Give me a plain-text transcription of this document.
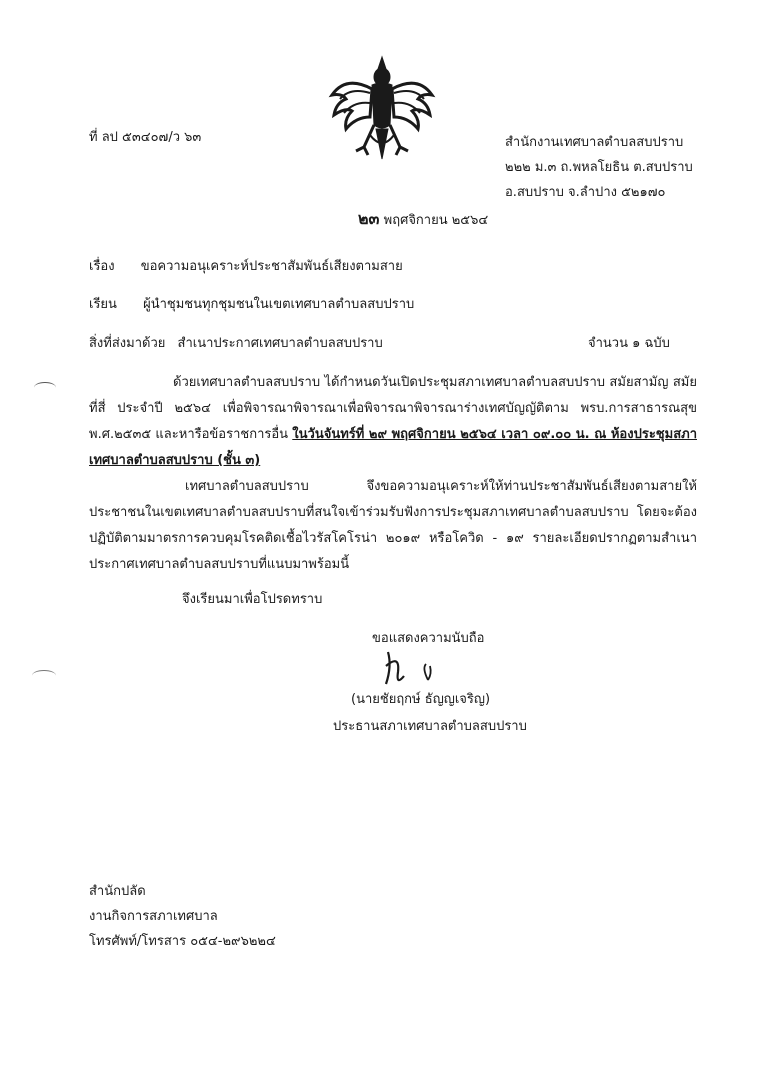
ที่ ลป ๕๓๔๐๗/ว ๖๓	สำนักงานเทศบาลตำบลสบปราบ
๒๒๒ ม.๓ ถ.พหลโยธิน ต.สบปราบ
อ.สบปราบ จ.ลำปาง ๕๒๑๗๐
๒๓ พฤศจิกายน ๒๕๖๔
เรื่อง ขอความอนุเคราะห์ประชาสัมพันธ์เสียงตามสาย
เรียน ผู้นำชุมชนทุกชุมชนในเขตเทศบาลตำบลสบปราบ
สิ่งที่ส่งมาด้วย สำเนาประกาศเทศบาลตำบลสบปราบ	จำนวน ๑ ฉบับ
ด้วยเทศบาลตำบลสบปราบ ได้กำหนดวันเปิดประชุมสภาเทศบาลตำบลสบปราบ สมัยสามัญ สมัยที่สี่ ประจำปี ๒๕๖๔ เพื่อพิจารณาพิจารณาเพื่อพิจารณาพิจารณาร่างเทศบัญญัติตาม พรบ.การสาธารณสุข พ.ศ.๒๕๓๕ และหารือข้อราชการอื่น ในวันจันทร์ที่ ๒๙ พฤศจิกายน ๒๕๖๔ เวลา ๐๙.๐๐ น. ณ ห้องประชุมสภาเทศบาลตำบลสบปราบ (ชั้น ๓)
เทศบาลตำบลสบปราบ จึงขอความอนุเคราะห์ให้ท่านประชาสัมพันธ์เสียงตามสายให้ประชาชนในเขตเทศบาลตำบลสบปราบที่สนใจเข้าร่วมรับฟังการประชุมสภาเทศบาลตำบลสบปราบ โดยจะต้องปฏิบัติตามมาตรการควบคุมโรคติดเชื้อไวรัสโคโรน่า ๒๐๑๙ หรือโควิด - ๑๙ รายละเอียดปรากฏตามสำเนาประกาศเทศบาลตำบลสบปราบที่แนบมาพร้อมนี้
จึงเรียนมาเพื่อโปรดทราบ
ขอแสดงความนับถือ
(นายชัยฤกษ์ ธัญญเจริญ)
ประธานสภาเทศบาลตำบลสบปราบ
สำนักปลัด
งานกิจการสภาเทศบาล
โทรศัพท์/โทรสาร ๐๕๔-๒๙๖๒๒๔
